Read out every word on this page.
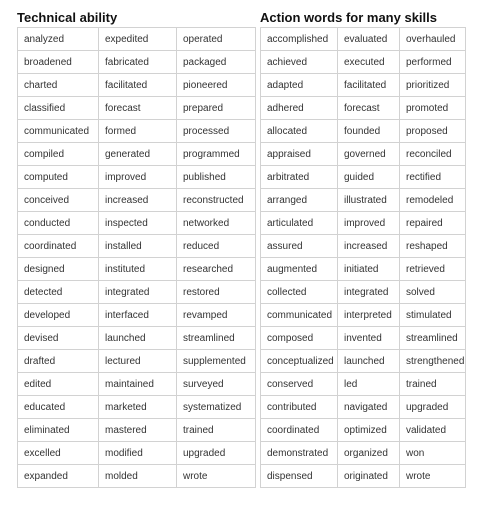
Technical ability
analyzed	expedited	operated
broadened	fabricated	packaged
charted	facilitated	pioneered
classified	forecast	prepared
communicated	formed	processed
compiled	generated	programmed
computed	improved	published
conceived	increased	reconstructed
conducted	inspected	networked
coordinated	installed	reduced
designed	instituted	researched
detected	integrated	restored
developed	interfaced	revamped
devised	launched	streamlined
drafted	lectured	supplemented
edited	maintained	surveyed
educated	marketed	systematized
eliminated	mastered	trained
excelled	modified	upgraded
expanded	molded	wrote
Action words for many skills
accomplished	evaluated	overhauled
achieved	executed	performed
adapted	facilitated	prioritized
adhered	forecast	promoted
allocated	founded	proposed
appraised	governed	reconciled
arbitrated	guided	rectified
arranged	illustrated	remodeled
articulated	improved	repaired
assured	increased	reshaped
augmented	initiated	retrieved
collected	integrated	solved
communicated	interpreted	stimulated
composed	invented	streamlined
conceptualized	launched	strengthened
conserved	led	trained
contributed	navigated	upgraded
coordinated	optimized	validated
demonstrated	organized	won
dispensed	originated	wrote
